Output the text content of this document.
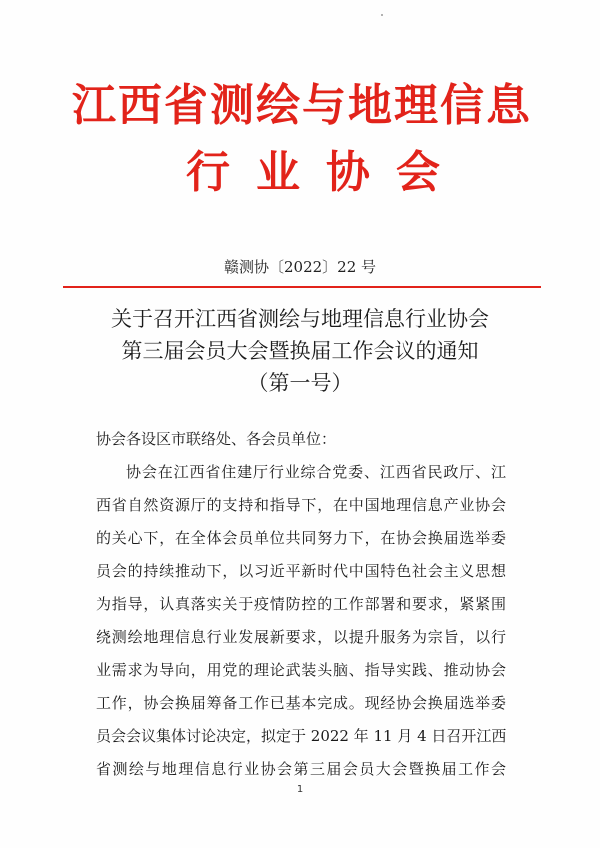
江西省测绘与地理信息
行业协会
赣测协〔2022〕22 号
关于召开江西省测绘与地理信息行业协会
第三届会员大会暨换届工作会议的通知
（第一号）
协会各设区市联络处、各会员单位：
协会在江西省住建厅行业综合党委、江西省民政厅、江
西省自然资源厅的支持和指导下，在中国地理信息产业协会
的关心下，在全体会员单位共同努力下，在协会换届选举委
员会的持续推动下，以习近平新时代中国特色社会主义思想
为指导，认真落实关于疫情防控的工作部署和要求，紧紧围
绕测绘地理信息行业发展新要求，以提升服务为宗旨，以行
业需求为导向，用党的理论武装头脑、指导实践、推动协会
工作，协会换届筹备工作已基本完成。现经协会换届选举委
员会会议集体讨论决定，拟定于 2022 年 11 月 4 日召开江西
省测绘与地理信息行业协会第三届会员大会暨换届工作会
1
